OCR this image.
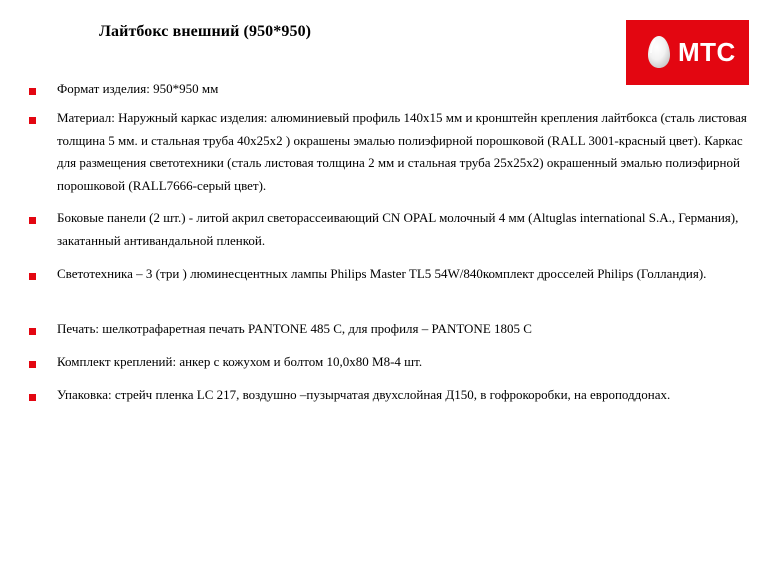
Лайтбокс внешний (950*950)
МТС
Формат изделия: 950*950 мм
Материал: Наружный каркас изделия: алюминиевый профиль 140х15 мм и кронштейн крепления лайтбокса (сталь листовая толщина 5 мм. и стальная труба 40х25х2 ) окрашены эмалью полиэфирной порошковой (RALL 3001-красный цвет). Каркас для размещения светотехники (сталь листовая толщина 2 мм и стальная труба 25х25х2) окрашенный эмалью полиэфирной порошковой (RALL7666-серый цвет).
Боковые панели (2 шт.) - литой акрил светорассеивающий CN OPAL молочный 4 мм (Altuglas international S.A., Германия), закатанный антивандальной пленкой.
Светотехника – 3 (три ) люминесцентных лампы Philips Master TL5 54W/840комплект дросселей Philips (Голландия).
Печать: шелкотрафаретная печать PANTONE 485 C, для профиля – PANTONE 1805 C
Комплект креплений: анкер с кожухом и болтом 10,0х80 М8-4 шт.
Упаковка: стрейч пленка LC 217, воздушно –пузырчатая двухслойная Д150, в гофрокоробки, на европоддонах.
